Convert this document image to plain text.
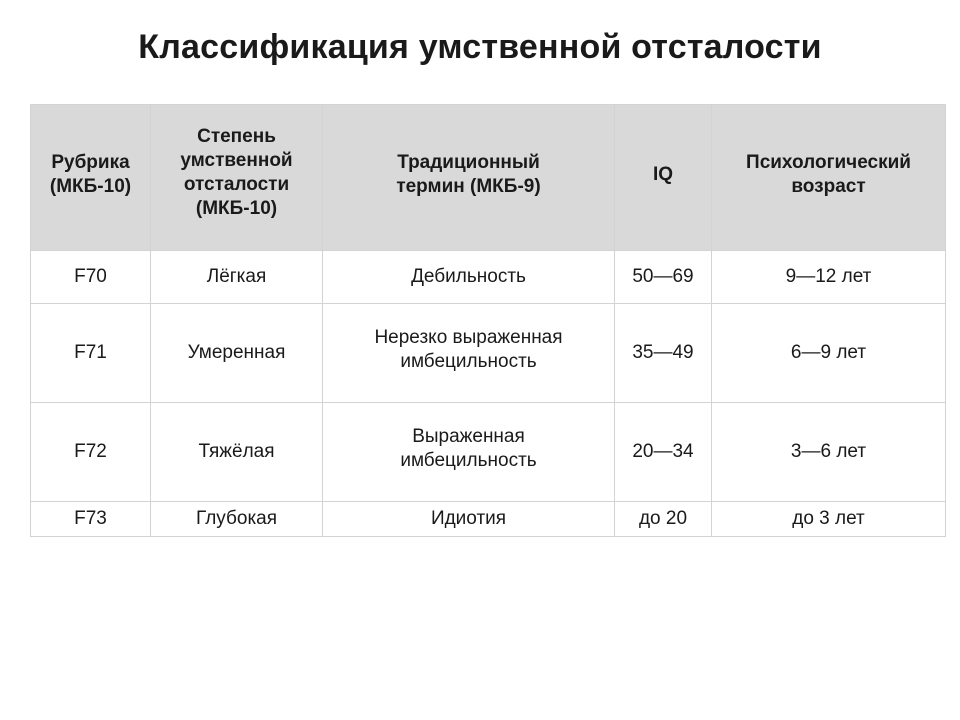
Классификация умственной отсталости
Рубрика (МКБ-10)	Степень умственной отсталости (МКБ-10)	Традиционный термин (МКБ-9)	IQ	Психологический возраст
F70	Лёгкая	Дебильность	50—69	9—12 лет
F71	Умеренная	Нерезко выраженная имбецильность	35—49	6—9 лет
F72	Тяжёлая	Выраженная имбецильность	20—34	3—6 лет
F73	Глубокая	Идиотия	до 20	до 3 лет
